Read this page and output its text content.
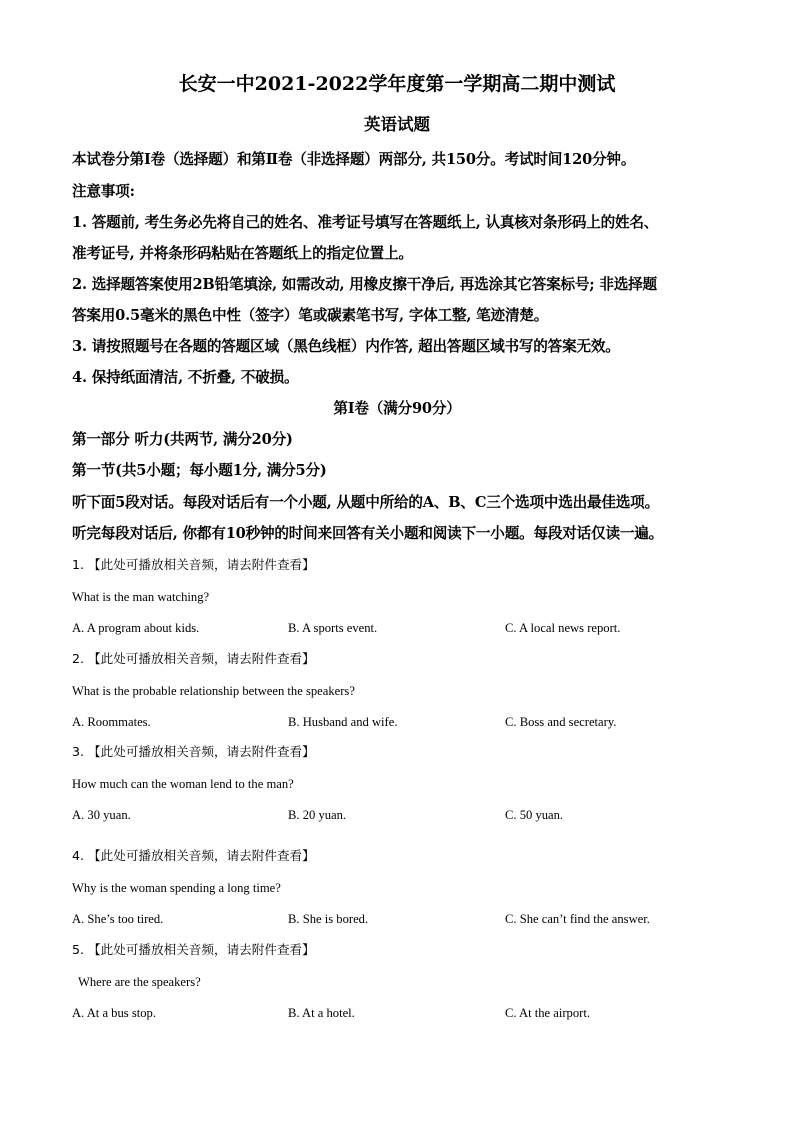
长安一中2021-2022学年度第一学期高二期中测试
英语试题
本试卷分第Ⅰ卷（选择题）和第Ⅱ卷（非选择题）两部分, 共150分。考试时间120分钟。
注意事项:
1. 答题前, 考生务必先将自己的姓名、准考证号填写在答题纸上, 认真核对条形码上的姓名、
准考证号, 并将条形码粘贴在答题纸上的指定位置上。
2. 选择题答案使用2B铅笔填涂, 如需改动, 用橡皮擦干净后, 再选涂其它答案标号; 非选择题
答案用0.5毫米的黑色中性（签字）笔或碳素笔书写, 字体工整, 笔迹清楚。
3. 请按照题号在各题的答题区域（黑色线框）内作答, 超出答题区域书写的答案无效。
4. 保持纸面清洁, 不折叠, 不破损。
第Ⅰ卷（满分90分）
第一部分 听力(共两节, 满分20分)
第一节(共5小题；每小题1分, 满分5分)
听下面5段对话。每段对话后有一个小题, 从题中所给的A、B、C三个选项中选出最佳选项。
听完每段对话后, 你都有10秒钟的时间来回答有关小题和阅读下一小题。每段对话仅读一遍。
1. 【此处可播放相关音频，请去附件查看】
What is the man watching?
A. A program about kids.	B. A sports event.	C. A local news report.
2. 【此处可播放相关音频，请去附件查看】
What is the probable relationship between the speakers?
A. Roommates.	B. Husband and wife.	C. Boss and secretary.
3. 【此处可播放相关音频，请去附件查看】
How much can the woman lend to the man?
A. 30 yuan.	B. 20 yuan.	C. 50 yuan.
4. 【此处可播放相关音频，请去附件查看】
Why is the woman spending a long time?
A. She’s too tired.	B. She is bored.	C. She can’t find the answer.
5. 【此处可播放相关音频，请去附件查看】
Where are the speakers?
A. At a bus stop.	B. At a hotel.	C. At the airport.
